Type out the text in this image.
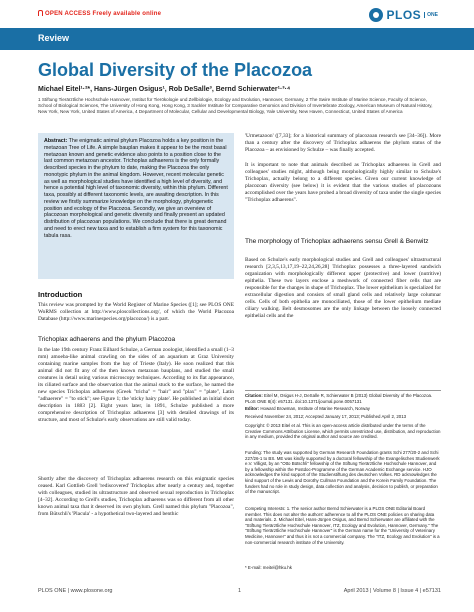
OPEN ACCESS Freely available online	PLOS	ONE
Review
Global Diversity of the Placozoa
Michael Eitel¹·²*, Hans-Jürgen Osigus¹, Rob DeSalle³, Bernd Schierwater¹·³·⁴
1 Stiftung Tierärztliche Hochschule Hannover, Institut für Tierökologie und Zellbiologie, Ecology and Evolution, Hannover, Germany, 2 The Swire Institute of Marine Science, Faculty of Science, School of Biological Sciences, The University of Hong Kong, Hong Kong, 3 Sackler Institute for Comparative Genomics and Division of Invertebrate Zoology, American Museum of Natural History, New York, New York, United States of America, 4 Department of Molecular, Cellular and Developmental Biology, Yale University, New Haven, Connecticut, United States of America
Abstract: The enigmatic animal phylum Placozoa holds a key position in the metazoan Tree of Life. A simple bauplan makes it appear to be the most basal metazoan known and genetic evidence also points to a position close to the last common metazoan ancestor. Trichoplax adhaerens is the only formally described species in the phylum to date, making the Placozoa the only monotypic phylum in the animal kingdom. However, recent molecular genetic as well as morphological studies have identified a high level of diversity, and hence a potential high level of taxonomic diversity, within this phylum. Different taxa, possibly at different taxonomic levels, are awaiting description. In this review we firstly summarize knowledge on the morphology, phylogenetic position and ecology of the Placozoa. Secondly, we give an overview of placozoan morphological and genetic diversity and finally present an updated distribution of placozoan populations. We conclude that there is great demand and need to erect new taxa and to establish a firm system for this taxonomic tabula rasa.
Introduction

This review was prompted by the World Register of Marine Species ([1]; see PLOS ONE WoRMS collection at http://www.ploscollections.org/, of which the World Placozoa Database (http://www.marinespecies.org/placozoa/) is a part.

Trichoplax adhaerens and the phylum Placozoa

In the late 19th century Franz Eilhard Schulze, a German zoologist, identified a small (1–3 mm) amoeba-like animal crawling on the sides of an aquarium at Graz University containing marine samples from the bay of Trieste (Italy). He soon realized that this animal did not fit any of the then known metazoan bauplans, and studied the small creatures in detail using various microscopy techniques. According to its flat appearance, its ciliated surface and the observation that the animal stuck to the surface, he named the new species Trichoplax adhaerens (Greek "tricha" = "hair" and "plax" = "plate", Latin "adhaerere" = "to stick"; see Figure 1; the 'sticky hairy plate'. He published an initial short description in 1883 [2]. Eight years later, in 1891, Schulze published a more comprehensive description of Trichoplax adhaerens [3] with detailed drawings of its structure, and most of Schulze's early observations are still valid today.

Shortly after the discovery of Trichoplax adhaerens research on this enigmatic species ceased. Karl Gottlieb Grell 'rediscovered' Trichoplax after nearly a century and, together with colleagues, studied its ultrastructure and observed sexual reproduction in Trichoplax [4–32]. According to Grell's studies, Trichoplax adhaerens was so different from all other known animal taxa that it deserved its own phylum. Grell named this phylum "Placozoa", from Bütschli's 'Placula' - a hypothetical two-layered and benthic

'Urmetazoon' ([7,33]; for a historical summary of placozoan research see [34–36]). More than a century after the discovery of Trichoplax adhaerens the phylum status of the Placozoa – as envisioned by Schulze – was finally accepted.

It is important to note that animals described as Trichoplax adhaerens in Grell and colleagues' studies might, although being morphologically highly similar to Schulze's Trichoplax, actually belong to a different species. Given our current knowledge of placozoan diversity (see below) it is evident that the various studies of placozoans accomplished over the years have probed a broad diversity of taxa under the single species "Trichoplax adhaerens".

The morphology of Trichoplax adhaerens sensu Grell & Benwitz

Based on Schulze's early morphological studies and Grell and colleagues' ultrastructural research [2,3,5,13,17,19–22,24,26,28] Trichoplax possesses a three-layered sandwich organization with morphologically different upper (protective) and lower (nutritive) epithelia. These two layers enclose a meshwork of connected fiber cells that are responsible for the changes in shape of Trichoplax. The lower epithelium is specialized for extracellular digestion and consists of small gland cells and relatively large columnar cells. Cells of both epithelia are monociliated, those of the lower epithelium mediate ciliary walking. Belt desmosomes are the only linkage between the loosely connected epithelial cells and the

Citation: Eitel M, Osigus H-J, DeSalle R, Schierwater B (2013) Global Diversity of the Placozoa. PLoS ONE 8(4): e57131. doi:10.1371/journal.pone.0057131
Editor: Howard Browman, Institute of Marine Research, Norway
Received November 24, 2012; Accepted January 17, 2013; Published April 2, 2013
Copyright: © 2013 Eitel et al. This is an open-access article distributed under the terms of the Creative Commons Attribution License, which permits unrestricted use, distribution, and reproduction in any medium, provided the original author and source are credited.
Funding: The study was supported by German Research Foundation grants Schi 277/20-2 and Schi 227/26-1 to BS. ME was kindly supported by a doctoral fellowship of the Evangelisches Studienwerk e.V. Villigst, by an "Otto Bütschli" fellowship of the Stiftung Tierärztliche Hochschule Hannover, and by a fellowship within the Postdoc-Programme of the German Academic Exchange service. HJO acknowledges the kind support of the Studienstiftung des deutschen Volkes. RD acknowledges the kind support of the Lewis and Dorothy Cullman Foundation and the Korein Family Foundation. The funders had no role in study design, data collection and analysis, decision to publish, or preparation of the manuscript.
Competing Interests: 1. The senior author Bernd Schierwater is a PLOS ONE Editorial Board member. This does not alter the authors' adherence to all the PLOS ONE policies on sharing data and materials. 2. Michael Eitel, Hans-Jürgen Osigus, and Bernd Schierwater are affiliated with the "Stiftung Tierärztliche Hochschule Hannover, ITZ, Ecology and Evolution, Hannover, Germany." The "Stiftung Tierärztliche Hochschule Hannover" is the German name for the "University of Veterinary Medicine, Hannover" and thus it is not a commercial company. The "ITZ, Ecology and Evolution" is a non-commercial research institute of the University.
* E-mail: meitel@hku.hk
PLOS ONE | www.plosone.org	1	April 2013 | Volume 8 | Issue 4 | e57131
